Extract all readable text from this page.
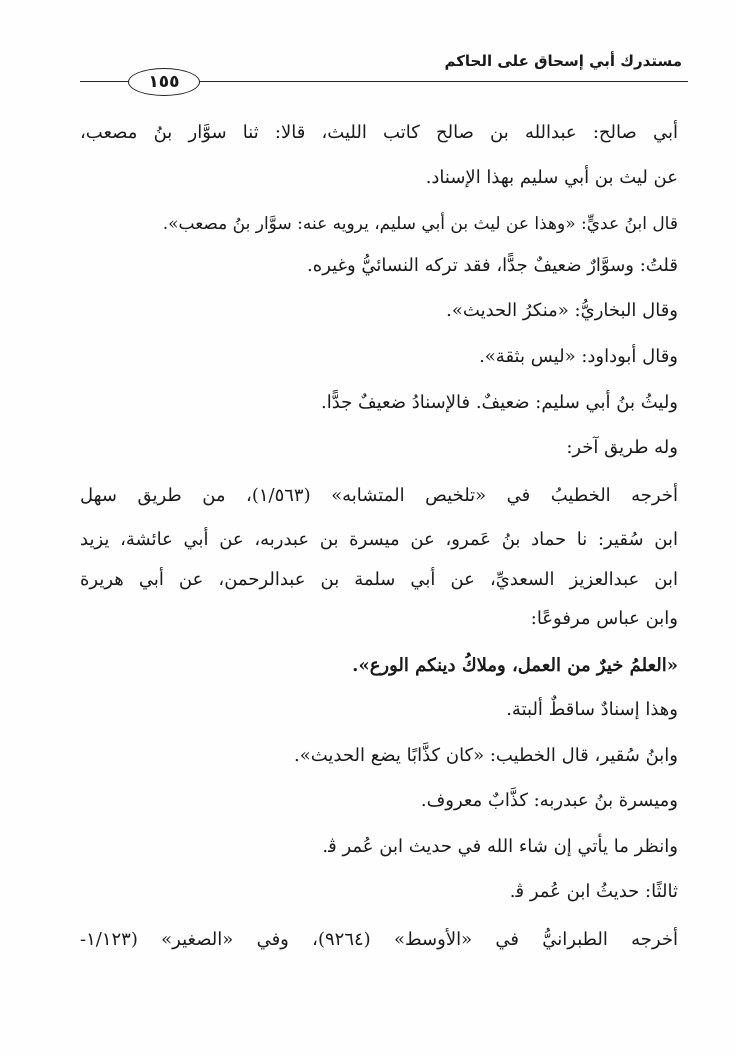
مستدرك أبي إسحاق على الحاكم
١٥٥
أبي صالح: عبدالله بن صالح كاتب الليث، قالا: ثنا سوَّار بنُ مصعب،
عن ليث بن أبي سليم بهذا الإسناد.
قال ابنُ عديٍّ: «وهذا عن ليث بن أبي سليم، يرويه عنه: سوَّار بنُ مصعب».
قلتُ: وسوَّارٌ ضعيفٌ جدًّا، فقد تركه النسائيُّ وغيره.
وقال البخاريُّ: «منكرُ الحديث».
وقال أبوداود: «ليس بثقة».
وليثُ بنُ أبي سليم: ضعيفٌ. فالإسنادُ ضعيفٌ جدًّا.
وله طريق آخر:
أخرجه الخطيبُ في «تلخيص المتشابه» (١/٥٦٣)، من طريق سهل
ابن سُقير: نا حماد بنُ عَمرو، عن ميسرة بن عبدربه، عن أبي عائشة، يزيد
ابن عبدالعزيز السعديِّ، عن أبي سلمة بن عبدالرحمن، عن أبي هريرة
وابن عباس مرفوعًا:
«العلمُ خيرٌ من العمل، وملاكُ دينكم الورع».
وهذا إسنادٌ ساقطٌ ألبتة.
وابنُ سُقير، قال الخطيب: «كان كذَّابًا يضع الحديث».
وميسرة بنُ عبدربه: كذَّابٌ معروف.
وانظر ما يأتي إن شاء الله في حديث ابن عُمر ﭬ.
ثالثًا: حديثُ ابن عُمر ﭬ.
أخرجه الطبرانيُّ في «الأوسط» (٩٢٦٤)، وفي «الصغير» (١/١٢٣-
